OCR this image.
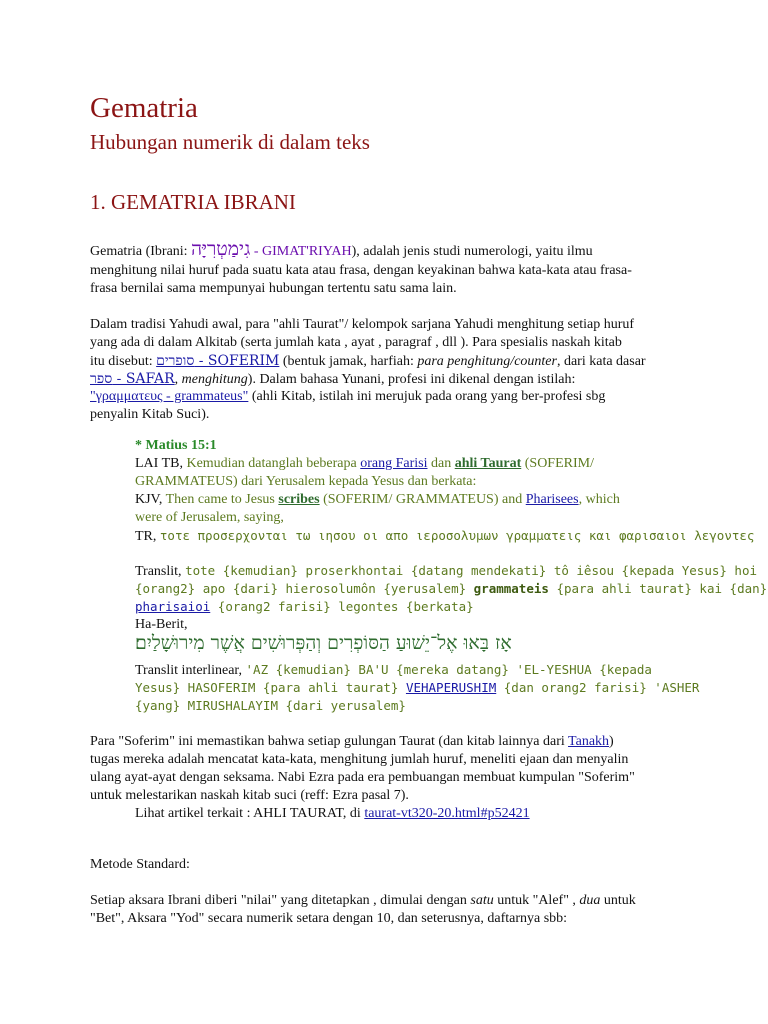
Gematria
Hubungan numerik di dalam teks
1. GEMATRIA IBRANI
Gematria (Ibrani: גִימַטְרִיָּה - GIMAT'RIYAH), adalah jenis studi numerologi, yaitu ilmu
menghitung nilai huruf pada suatu kata atau frasa, dengan keyakinan bahwa kata-kata atau frasa-
frasa bernilai sama mempunyai hubungan tertentu satu sama lain.
Dalam tradisi Yahudi awal, para "ahli Taurat"/ kelompok sarjana Yahudi menghitung setiap huruf
yang ada di dalam Alkitab (serta jumlah kata , ayat , paragraf , dll ). Para spesialis naskah kitab
itu disebut: סופרים - SOFERIM (bentuk jamak, harfiah: para penghitung/counter, dari kata dasar
ספר - SAFAR, menghitung). Dalam bahasa Yunani, profesi ini dikenal dengan istilah:
"γραμματευς - grammateus" (ahli Kitab, istilah ini merujuk pada orang yang ber-profesi sbg
penyalin Kitab Suci).
* Matius 15:1
LAI TB, Kemudian datanglah beberapa orang Farisi dan ahli Taurat (SOFERIM/
GRAMMATEUS) dari Yerusalem kepada Yesus dan berkata:
KJV, Then came to Jesus scribes (SOFERIM/ GRAMMATEUS) and Pharisees, which
were of Jerusalem, saying,
TR, τοτε προσερχονται τω ιησου οι απο ιεροσολυμων γραμματεις και φαρισαιοι λεγοντες
Translit, tote {kemudian} proserkhontai {datang mendekati} tô iêsou {kepada Yesus} hoi
{orang2} apo {dari} hierosolumôn {yerusalem} grammateis {para ahli taurat} kai {dan}
pharisaioi {orang2 farisi} legontes {berkata}
Ha-Berit,
אָז בָּאוּ אֶל־יֵשׁוּעַ הַסּוֹפְרִים וְהַפְּרוּשִׁים אֲשֶׁר מִירוּשָׁלַיִם׃
Translit interlinear, 'AZ {kemudian} BA'U {mereka datang} 'EL-YESHUA {kepada
Yesus} HASOFERIM {para ahli taurat} VEHAPERUSHIM {dan orang2 farisi} 'ASHER
{yang} MIRUSHALAYIM {dari yerusalem}
Para "Soferim" ini memastikan bahwa setiap gulungan Taurat (dan kitab lainnya dari Tanakh)
tugas mereka adalah mencatat kata-kata, menghitung jumlah huruf, meneliti ejaan dan menyalin
ulang ayat-ayat dengan seksama. Nabi Ezra pada era pembuangan membuat kumpulan "Soferim"
untuk melestarikan naskah kitab suci (reff: Ezra pasal 7).
Lihat artikel terkait : AHLI TAURAT, di taurat-vt320-20.html#p52421
Metode Standard:
Setiap aksara Ibrani diberi "nilai" yang ditetapkan , dimulai dengan satu untuk "Alef" , dua untuk
"Bet", Aksara "Yod" secara numerik setara dengan 10, dan seterusnya, daftarnya sbb:
